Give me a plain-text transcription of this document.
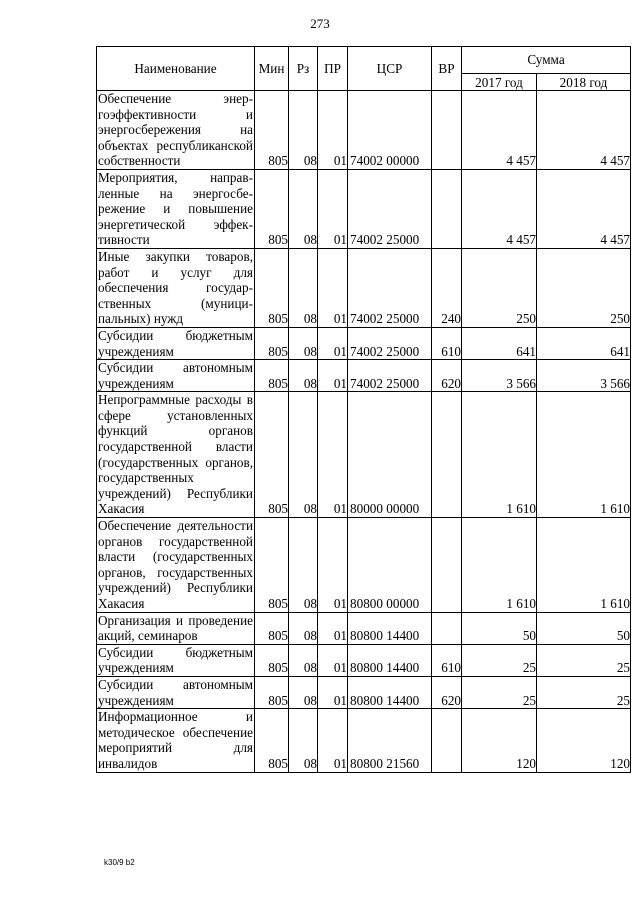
273
Наименование	Мин	Рз	ПР	ЦСР	ВР	Сумма	
						2017 год	2018 год
Обеспечение энергоэффективности и энергосбережения на объектах республиканской собственности	805	08	01	74002 00000		4 457	4 457
Мероприятия, направленные на энергосбережение и повышение энергетической эффективности	805	08	01	74002 25000		4 457	4 457
Иные закупки товаров, работ и услуг для обеспечения государственных (муниципальных) нужд	805	08	01	74002 25000	240	250	250
Субсидии бюджетным учреждениям	805	08	01	74002 25000	610	641	641
Субсидии автономным учреждениям	805	08	01	74002 25000	620	3 566	3 566
Непрограммные расходы в сфере установленных функций органов государственной власти (государственных органов, государственных учреждений) Республики Хакасия	805	08	01	80000 00000		1 610	1 610
Обеспечение деятельности органов государственной власти (государственных органов, государственных учреждений) Республики Хакасия	805	08	01	80800 00000		1 610	1 610
Организация и проведение акций, семинаров	805	08	01	80800 14400		50	50
Субсидии бюджетным учреждениям	805	08	01	80800 14400	610	25	25
Субсидии автономным учреждениям	805	08	01	80800 14400	620	25	25
Информационное и методическое обеспечение мероприятий для инвалидов	805	08	01	80800 21560		120	120
k30/9 b2
